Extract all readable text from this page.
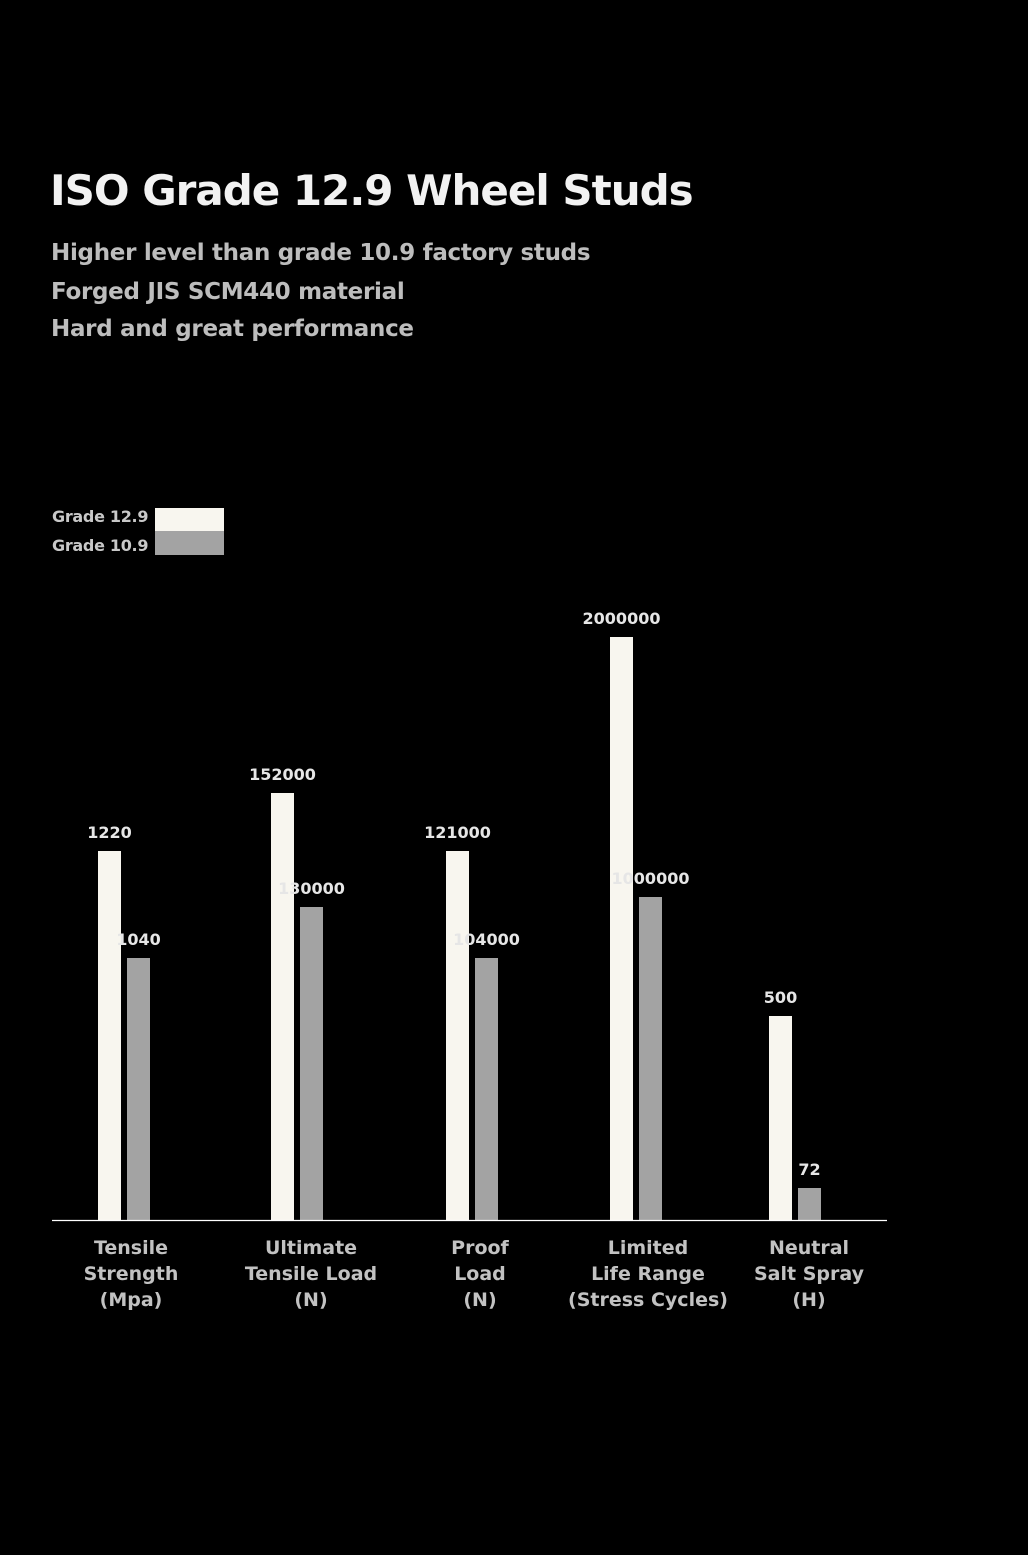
ISO Grade 12.9 Wheel Studs

Higher level than grade 10.9 factory studs

Forged JIS SCM440 material

Hard and great performance

Grade 12.9
Grade 10.9
1220
152000
121000
2000000
500
1040
130000
104000
1000000
72
Tensile
Strength
(Mpa)
Ultimate
Tensile Load
(N)
Proof
Load
(N)
Limited
Life Range
(Stress Cycles)
Neutral
Salt Spray
(H)
